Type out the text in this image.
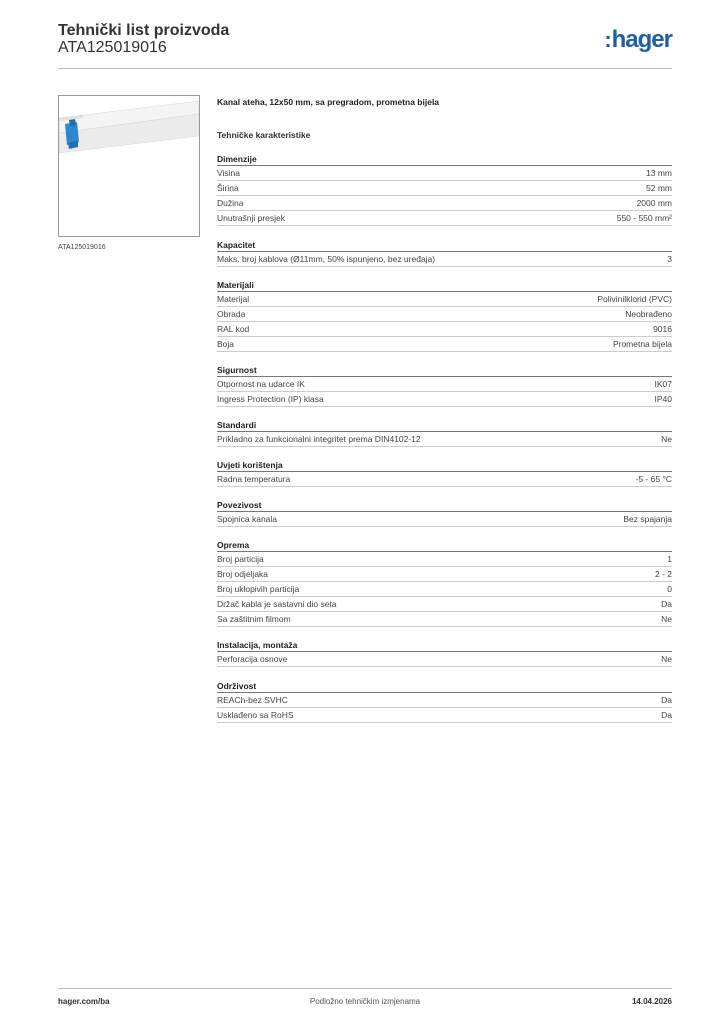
Tehnički list proizvoda
ATA125019016	:hager
ATA125019016
Kanal ateha, 12x50 mm, sa pregradom, prometna bijela
Tehničke karakteristike
Dimenzije
Visina	13 mm
Širina	52 mm
Dužina	2000 mm
Unutrašnji presjek	550 - 550 mm²
Kapacitet
Maks. broj kablova (Ø11mm, 50% ispunjeno, bez uređaja)	3
Materijali
Materijal	Polivinilklorid (PVC)
Obrada	Neobrađeno
RAL kod	9016
Boja	Prometna bijela
Sigurnost
Otpornost na udarce IK	IK07
Ingress Protection (IP) klasa	IP40
Standardi
Prikladno za funkcionalni integritet prema DIN4102-12	Ne
Uvjeti korištenja
Radna temperatura	-5 - 65 °C
Povezivost
Spojnica kanala	Bez spajanja
Oprema
Broj particija	1
Broj odjeljaka	2 - 2
Broj uklopivih particija	0
Držač kabla je sastavni dio seta	Da
Sa zaštitnim filmom	Ne
Instalacija, montaža
Perforacija osnove	Ne
Održivost
REACh-bez SVHC	Da
Usklađeno sa RoHS	Da
hager.com/ba	Podložno tehničkim izmjenama	14.04.2026
